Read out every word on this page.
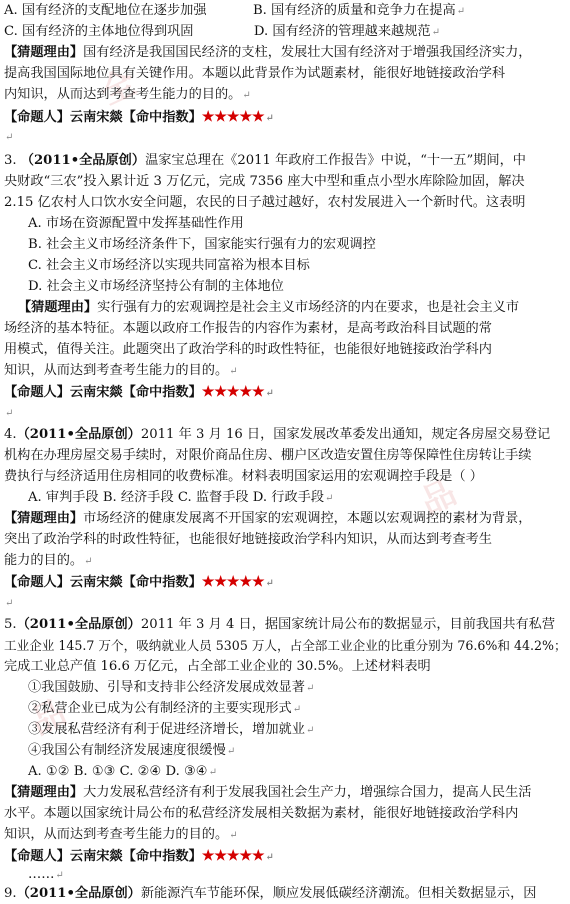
全
品
品
A. 国有经济的支配地位在逐步加强	B. 国有经济的质量和竞争力在提高↵
C. 国有经济的主体地位得到巩固	D. 国有经济的管理越来越规范↵
【猜题理由】国有经济是我国国民经济的支柱，发展壮大国有经济对于增强我国经济实力，
提高我国国际地位具有关键作用。本题以此背景作为试题素材，能很好地链接政治学科
内知识，从而达到考查考生能力的目的。↵
【命题人】云南宋燚【命中指数】★★★★★↵
↵
3. （2011•全品原创）温家宝总理在《2011 年政府工作报告》中说，“十一五”期间，中
央财政“三农”投入累计近 3 万亿元，完成 7356 座大中型和重点小型水库除险加固，解决
2.15 亿农村人口饮水安全问题，农民的日子越过越好，农村发展进入一个新时代。这表明
A. 市场在资源配置中发挥基础性作用
B. 社会主义市场经济条件下，国家能实行强有力的宏观调控
C. 社会主义市场经济以实现共同富裕为根本目标
D. 社会主义市场经济坚持公有制的主体地位
【猜题理由】实行强有力的宏观调控是社会主义市场经济的内在要求，也是社会主义市
场经济的基本特征。本题以政府工作报告的内容作为素材，是高考政治科目试题的常
用模式，值得关注。此题突出了政治学科的时政性特征，也能很好地链接政治学科内
知识，从而达到考查考生能力的目的。↵
【命题人】云南宋燚【命中指数】★★★★★↵
↵
4.（2011•全品原创）2011 年 3 月 16 日，国家发展改革委发出通知，规定各房屋交易登记
机构在办理房屋交易手续时，对限价商品住房、棚户区改造安置住房等保障性住房转让手续
费执行与经济适用住房相同的收费标准。材料表明国家运用的宏观调控手段是（ ）
A. 审判手段 B. 经济手段 C. 监督手段 D. 行政手段↵
【猜题理由】市场经济的健康发展离不开国家的宏观调控，本题以宏观调控的素材为背景，
突出了政治学科的时政性特征，也能很好地链接政治学科内知识，从而达到考查考生
能力的目的。↵
【命题人】云南宋燚【命中指数】★★★★★↵
↵
5.（2011•全品原创）2011 年 3 月 4 日，据国家统计局公布的数据显示，目前我国共有私营
工业企业 145.7 万个，吸纳就业人员 5305 万人，占全部工业企业的比重分别为 76.6%和 44.2%；
完成工业总产值 16.6 万亿元，占全部工业企业的 30.5%。上述材料表明
①我国鼓励、引导和支持非公经济发展成效显著↵
②私营企业已成为公有制经济的主要实现形式↵
③发展私营经济有利于促进经济增长，增加就业↵
④我国公有制经济发展速度很缓慢↵
A. ①② B. ①③ C. ②④ D. ③④↵
【猜题理由】大力发展私营经济有利于发展我国社会生产力，增强综合国力，提高人民生活
水平。本题以国家统计局公布的私营经济发展相关数据为素材，能很好地链接政治学科内
知识，从而达到考查考生能力的目的。↵
【命题人】云南宋燚【命中指数】★★★★★↵
……↵
9.（2011•全品原创）新能源汽车节能环保，顺应发展低碳经济潮流。但相关数据显示，因
